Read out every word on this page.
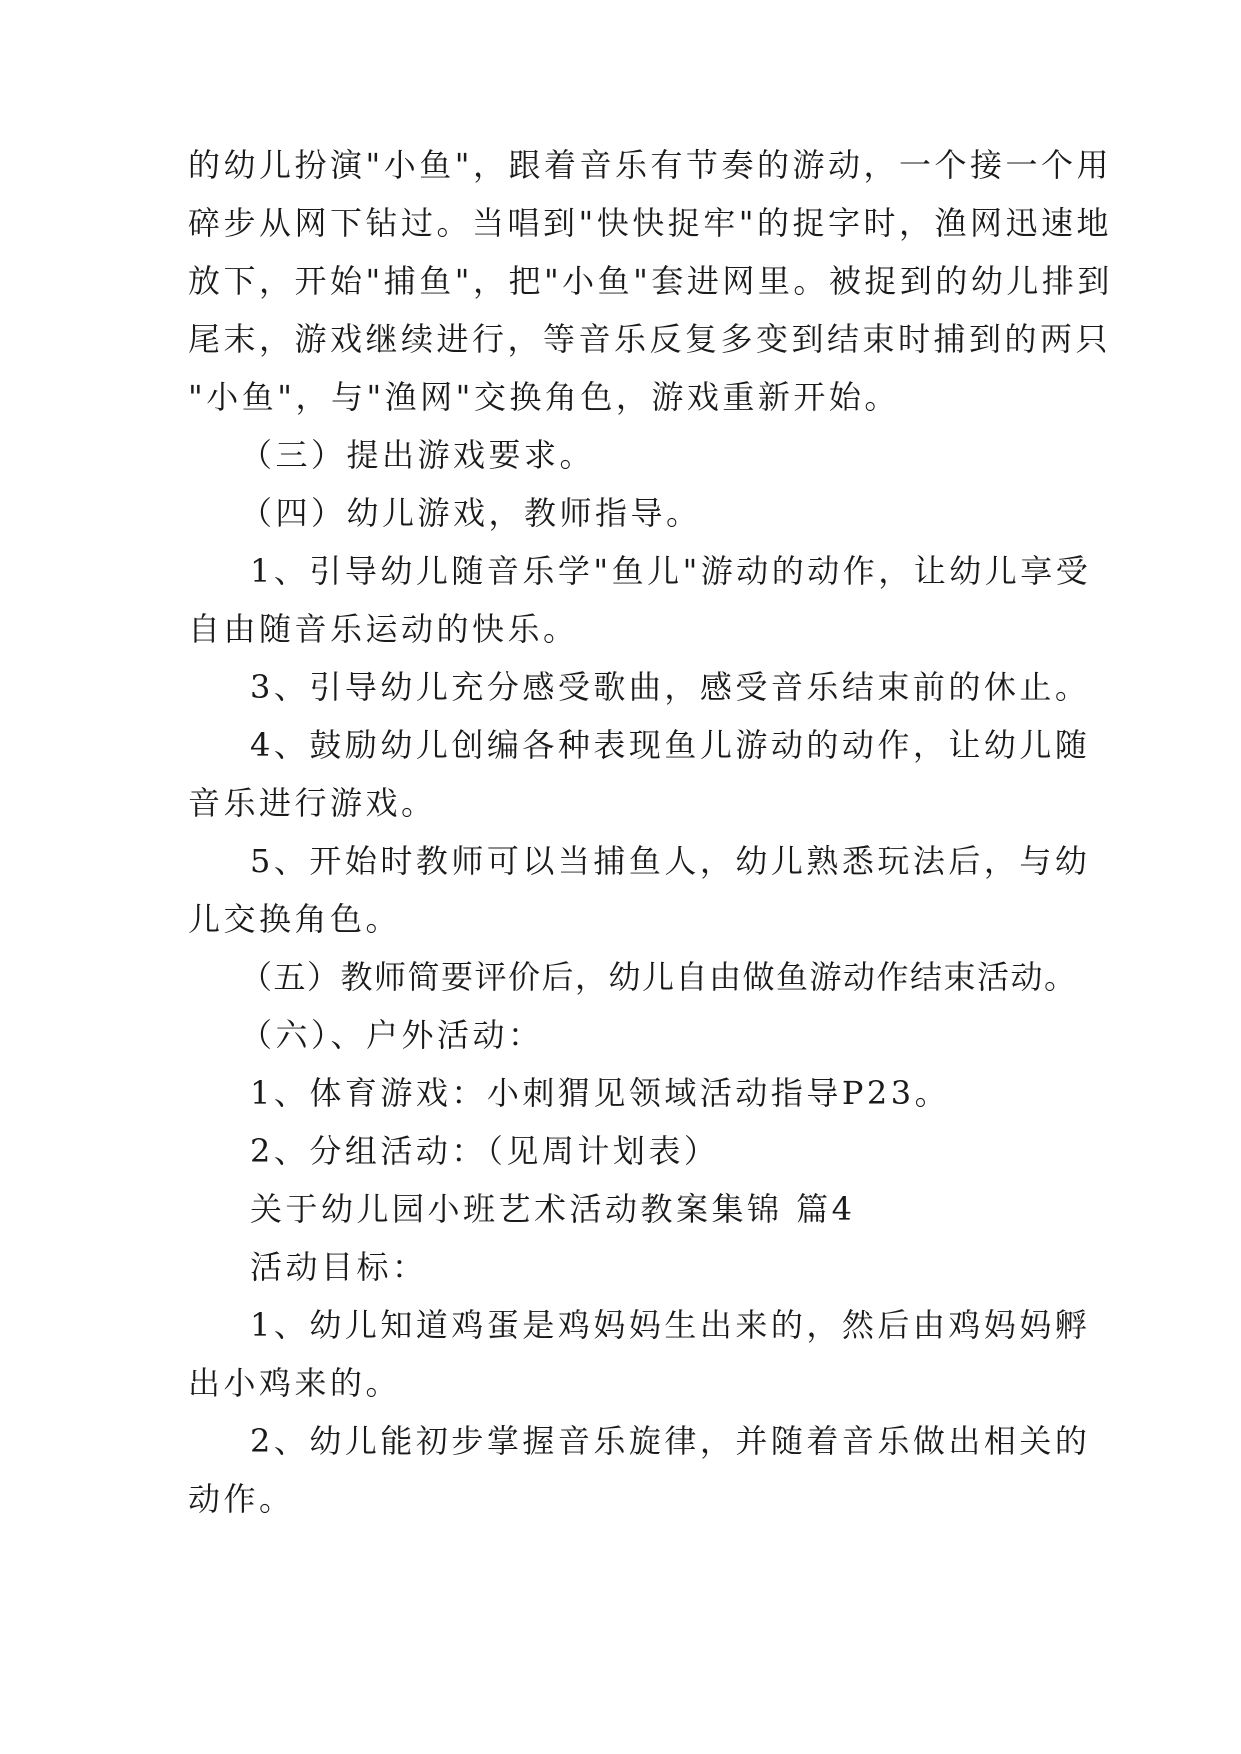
的幼儿扮演"小鱼"，跟着音乐有节奏的游动，一个接一个用
碎步从网下钻过。当唱到"快快捉牢"的捉字时，渔网迅速地
放下，开始"捕鱼"，把"小鱼"套进网里。被捉到的幼儿排到
尾末，游戏继续进行，等音乐反复多变到结束时捕到的两只
"小鱼"，与"渔网"交换角色，游戏重新开始。
（三）提出游戏要求。
（四）幼儿游戏，教师指导。
1、引导幼儿随音乐学"鱼儿"游动的动作，让幼儿享受
自由随音乐运动的快乐。
3、引导幼儿充分感受歌曲，感受音乐结束前的休止。
4、鼓励幼儿创编各种表现鱼儿游动的动作，让幼儿随
音乐进行游戏。
5、开始时教师可以当捕鱼人，幼儿熟悉玩法后，与幼
儿交换角色。
（五）教师简要评价后，幼儿自由做鱼游动作结束活动。
（六）、户外活动：
1、体育游戏：小刺猬见领域活动指导P23。
2、分组活动：（见周计划表）
关于幼儿园小班艺术活动教案集锦 篇4
活动目标：
1、幼儿知道鸡蛋是鸡妈妈生出来的，然后由鸡妈妈孵
出小鸡来的。
2、幼儿能初步掌握音乐旋律，并随着音乐做出相关的
动作。
